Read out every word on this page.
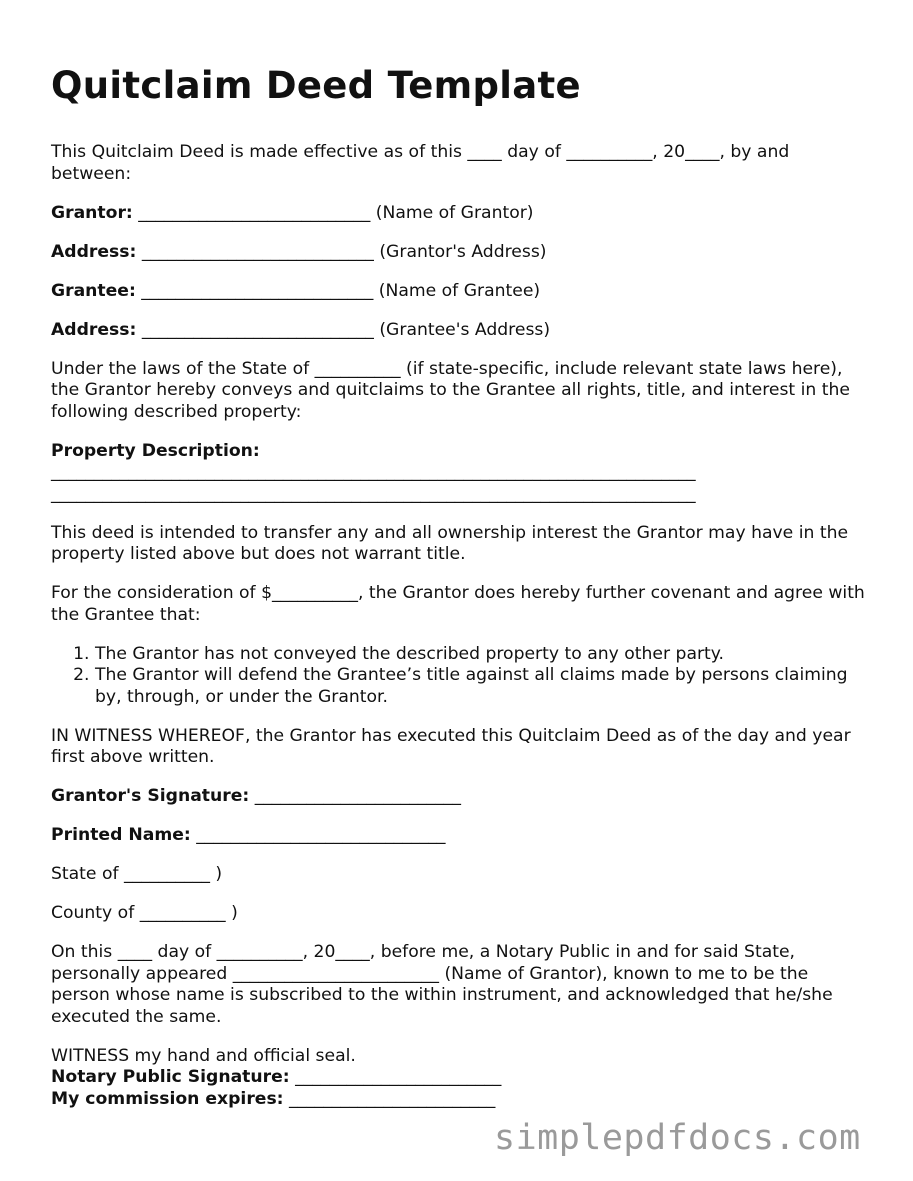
Quitclaim Deed Template

This Quitclaim Deed is made effective as of this ____ day of __________, 20____, by and between:

Grantor: ___________________________ (Name of Grantor)

Address: ___________________________ (Grantor's Address)

Grantee: ___________________________ (Name of Grantee)

Address: ___________________________ (Grantee's Address)

Under the laws of the State of __________ (if state-specific, include relevant state laws here), the Grantor hereby conveys and quitclaims to the Grantee all rights, title, and interest in the following described property:

Property Description:

___________________________________________________________________________
___________________________________________________________________________

This deed is intended to transfer any and all ownership interest the Grantor may have in the property listed above but does not warrant title.

For the consideration of $__________, the Grantor does hereby further covenant and agree with the Grantee that:

1. The Grantor has not conveyed the described property to any other party.
2. The Grantor will defend the Grantee’s title against all claims made by persons claiming by, through, or under the Grantor.

IN WITNESS WHEREOF, the Grantor has executed this Quitclaim Deed as of the day and year first above written.

Grantor's Signature: ________________________

Printed Name: _____________________________

State of __________ )

County of __________ )

On this ____ day of __________, 20____, before me, a Notary Public in and for said State, personally appeared ________________________ (Name of Grantor), known to me to be the person whose name is subscribed to the within instrument, and acknowledged that he/she executed the same.

WITNESS my hand and official seal.
Notary Public Signature: ________________________
My commission expires: ________________________
simplepdfdocs.com
